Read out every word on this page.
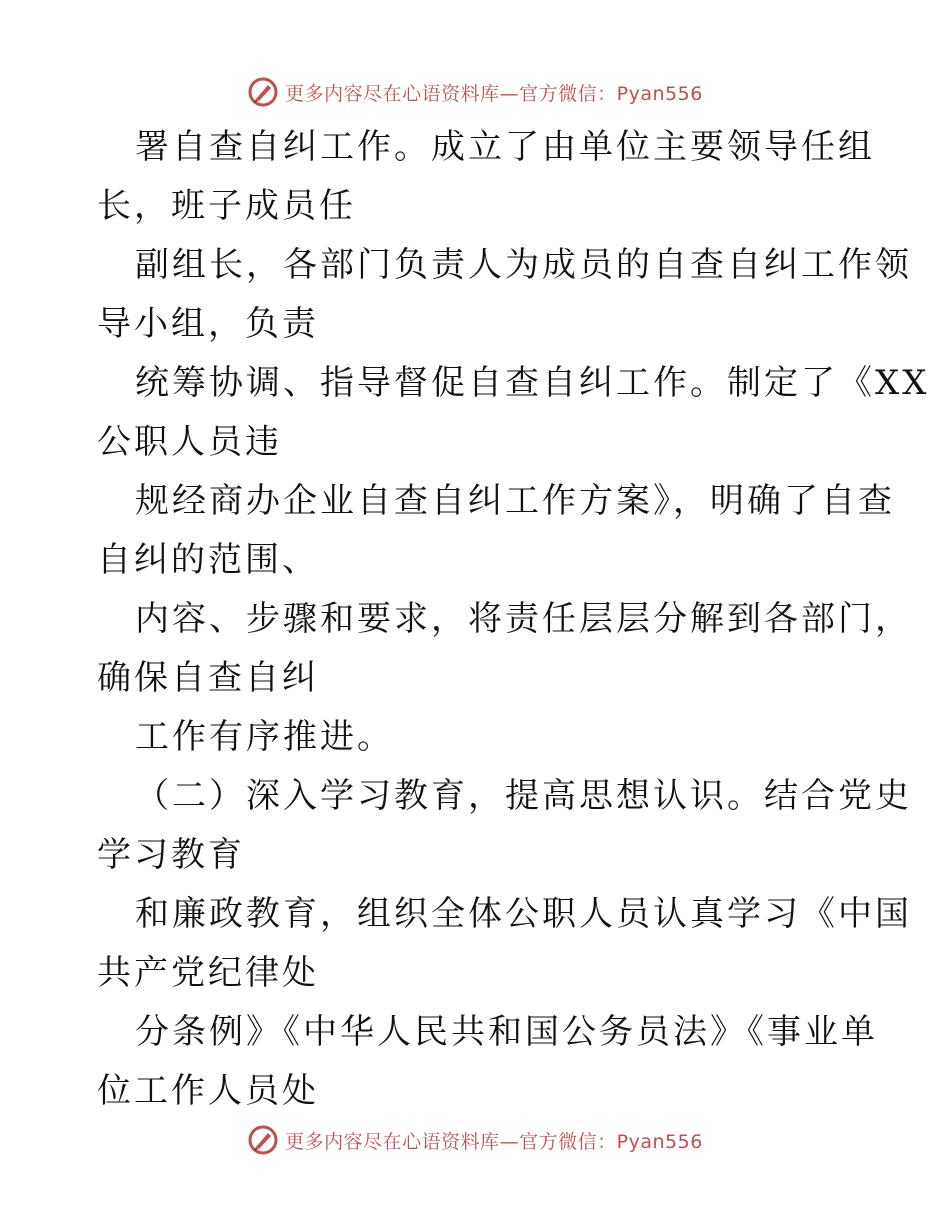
更多内容尽在心语资料库—官方微信：Pyan556
署自查自纠工作。成立了由单位主要领导任组
长，班子成员任
副组长，各部门负责人为成员的自查自纠工作领
导小组，负责
统筹协调、指导督促自查自纠工作。制定了《XX
公职人员违
规经商办企业自查自纠工作方案》，明确了自查
自纠的范围、
内容、步骤和要求，将责任层层分解到各部门，
确保自查自纠
工作有序推进。
（二）深入学习教育，提高思想认识。结合党史
学习教育
和廉政教育，组织全体公职人员认真学习《中国
共产党纪律处
分条例》《中华人民共和国公务员法》《事业单
位工作人员处
更多内容尽在心语资料库—官方微信：Pyan556
